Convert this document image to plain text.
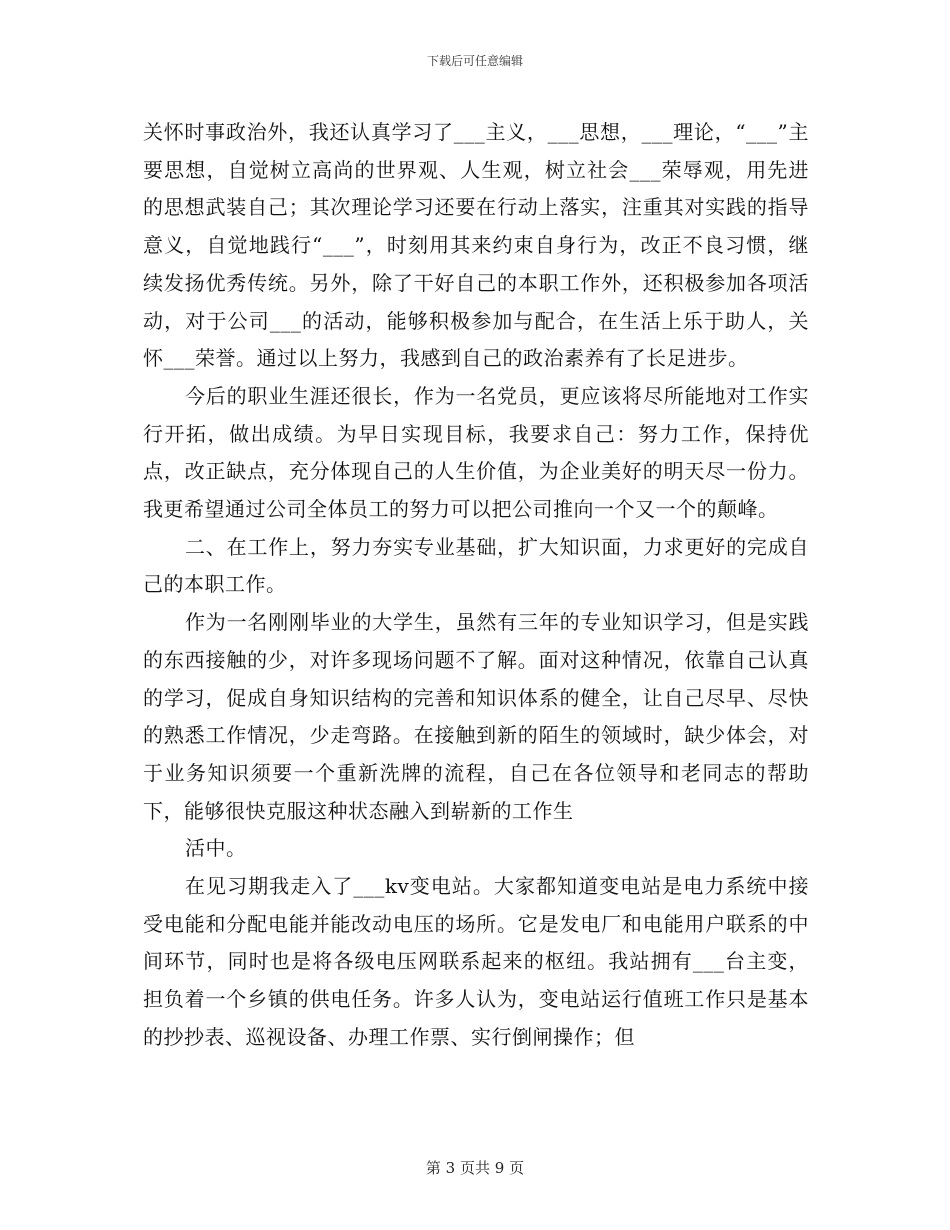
下载后可任意编辑

关怀时事政治外，我还认真学习了___主义，___思想，___理论，“___”主要思想，自觉树立高尚的世界观、人生观，树立社会___荣辱观，用先进的思想武装自己；其次理论学习还要在行动上落实，注重其对实践的指导意义，自觉地践行“___”，时刻用其来约束自身行为，改正不良习惯，继续发扬优秀传统。另外，除了干好自己的本职工作外，还积极参加各项活动，对于公司___的活动，能够积极参加与配合，在生活上乐于助人，关怀___荣誉。通过以上努力，我感到自己的政治素养有了长足进步。

今后的职业生涯还很长，作为一名党员，更应该将尽所能地对工作实行开拓，做出成绩。为早日实现目标，我要求自己：努力工作，保持优点，改正缺点，充分体现自己的人生价值，为企业美好的明天尽一份力。我更希望通过公司全体员工的努力可以把公司推向一个又一个的颠峰。

二、在工作上，努力夯实专业基础，扩大知识面，力求更好的完成自己的本职工作。

作为一名刚刚毕业的大学生，虽然有三年的专业知识学习，但是实践的东西接触的少，对许多现场问题不了解。面对这种情况，依靠自己认真的学习，促成自身知识结构的完善和知识体系的健全，让自己尽早、尽快的熟悉工作情况，少走弯路。在接触到新的陌生的领域时，缺少体会，对于业务知识须要一个重新洗牌的流程，自己在各位领导和老同志的帮助下，能够很快克服这种状态融入到崭新的工作生

活中。

在见习期我走入了___kv变电站。大家都知道变电站是电力系统中接受电能和分配电能并能改动电压的场所。它是发电厂和电能用户联系的中间环节，同时也是将各级电压网联系起来的枢纽。我站拥有___台主变，担负着一个乡镇的供电任务。许多人认为，变电站运行值班工作只是基本的抄抄表、巡视设备、办理工作票、实行倒闸操作；但

第 3 页共 9 页
